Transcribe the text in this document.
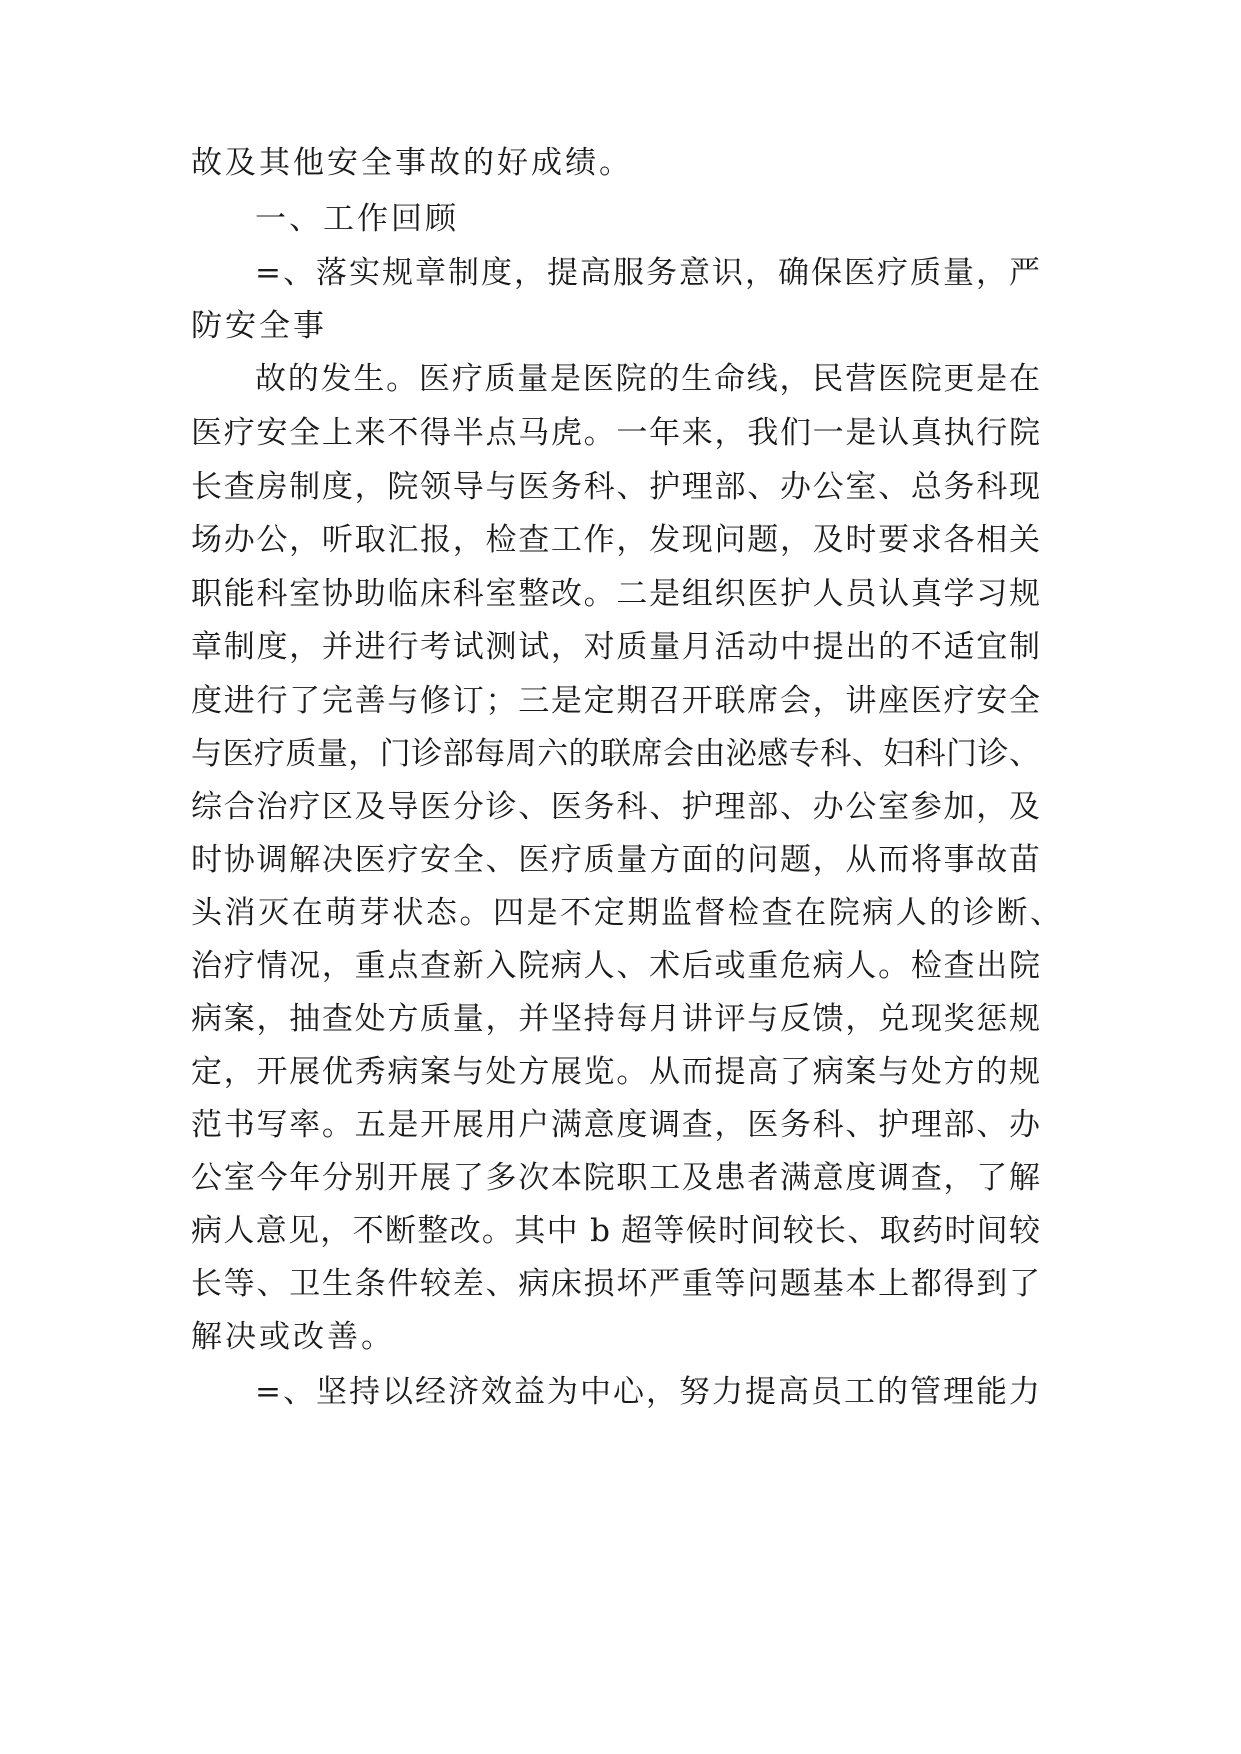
故及其他安全事故的好成绩。
一、工作回顾
=、落实规章制度，提高服务意识，确保医疗质量，严
防安全事
故的发生。医疗质量是医院的生命线，民营医院更是在
医疗安全上来不得半点马虎。一年来，我们一是认真执行院
长查房制度，院领导与医务科、护理部、办公室、总务科现
场办公，听取汇报，检查工作，发现问题，及时要求各相关
职能科室协助临床科室整改。二是组织医护人员认真学习规
章制度，并进行考试测试，对质量月活动中提出的不适宜制
度进行了完善与修订；三是定期召开联席会，讲座医疗安全
与医疗质量，门诊部每周六的联席会由泌感专科、妇科门诊、
综合治疗区及导医分诊、医务科、护理部、办公室参加，及
时协调解决医疗安全、医疗质量方面的问题，从而将事故苗
头消灭在萌芽状态。四是不定期监督检查在院病人的诊断、
治疗情况，重点查新入院病人、术后或重危病人。检查出院
病案，抽查处方质量，并坚持每月讲评与反馈，兑现奖惩规
定，开展优秀病案与处方展览。从而提高了病案与处方的规
范书写率。五是开展用户满意度调查，医务科、护理部、办
公室今年分别开展了多次本院职工及患者满意度调查，了解
病人意见，不断整改。其中 b 超等候时间较长、取药时间较
长等、卫生条件较差、病床损坏严重等问题基本上都得到了
解决或改善。
=、坚持以经济效益为中心，努力提高员工的管理能力
